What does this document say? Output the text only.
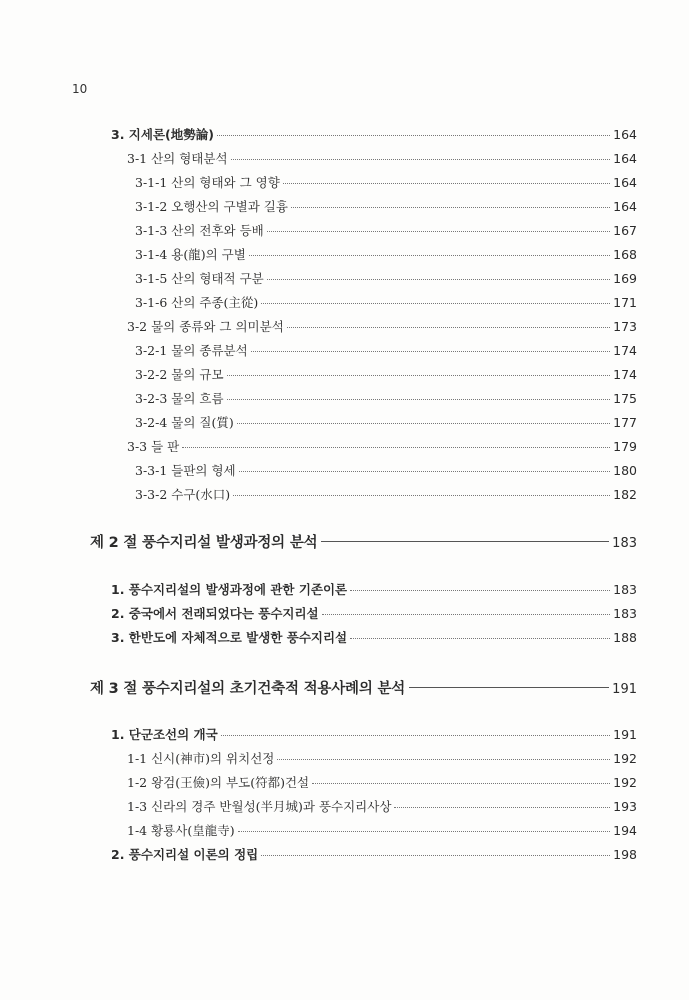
10
3. 지세론(地勢論)	164
3-1 산의 형태분석	164
3-1-1 산의 형태와 그 영향	164
3-1-2 오행산의 구별과 길흉	164
3-1-3 산의 전후와 등배	167
3-1-4 용(龍)의 구별	168
3-1-5 산의 형태적 구분	169
3-1-6 산의 주종(主從)	171
3-2 물의 종류와 그 의미분석	173
3-2-1 물의 종류분석	174
3-2-2 물의 규모	174
3-2-3 물의 흐름	175
3-2-4 물의 질(質)	177
3-3 들 판	179
3-3-1 들판의 형세	180
3-3-2 수구(水口)	182
제 2 절 풍수지리설 발생과정의 분석	183
1. 풍수지리설의 발생과정에 관한 기존이론	183
2. 중국에서 전래되었다는 풍수지리설	183
3. 한반도에 자체적으로 발생한 풍수지리설	188
제 3 절 풍수지리설의 초기건축적 적용사례의 분석	191
1. 단군조선의 개국	191
1-1 신시(神市)의 위치선정	192
1-2 왕검(王儉)의 부도(符都)건설	192
1-3 신라의 경주 반월성(半月城)과 풍수지리사상	193
1-4 황룡사(皇龍寺)	194
2. 풍수지리설 이론의 정립	198
